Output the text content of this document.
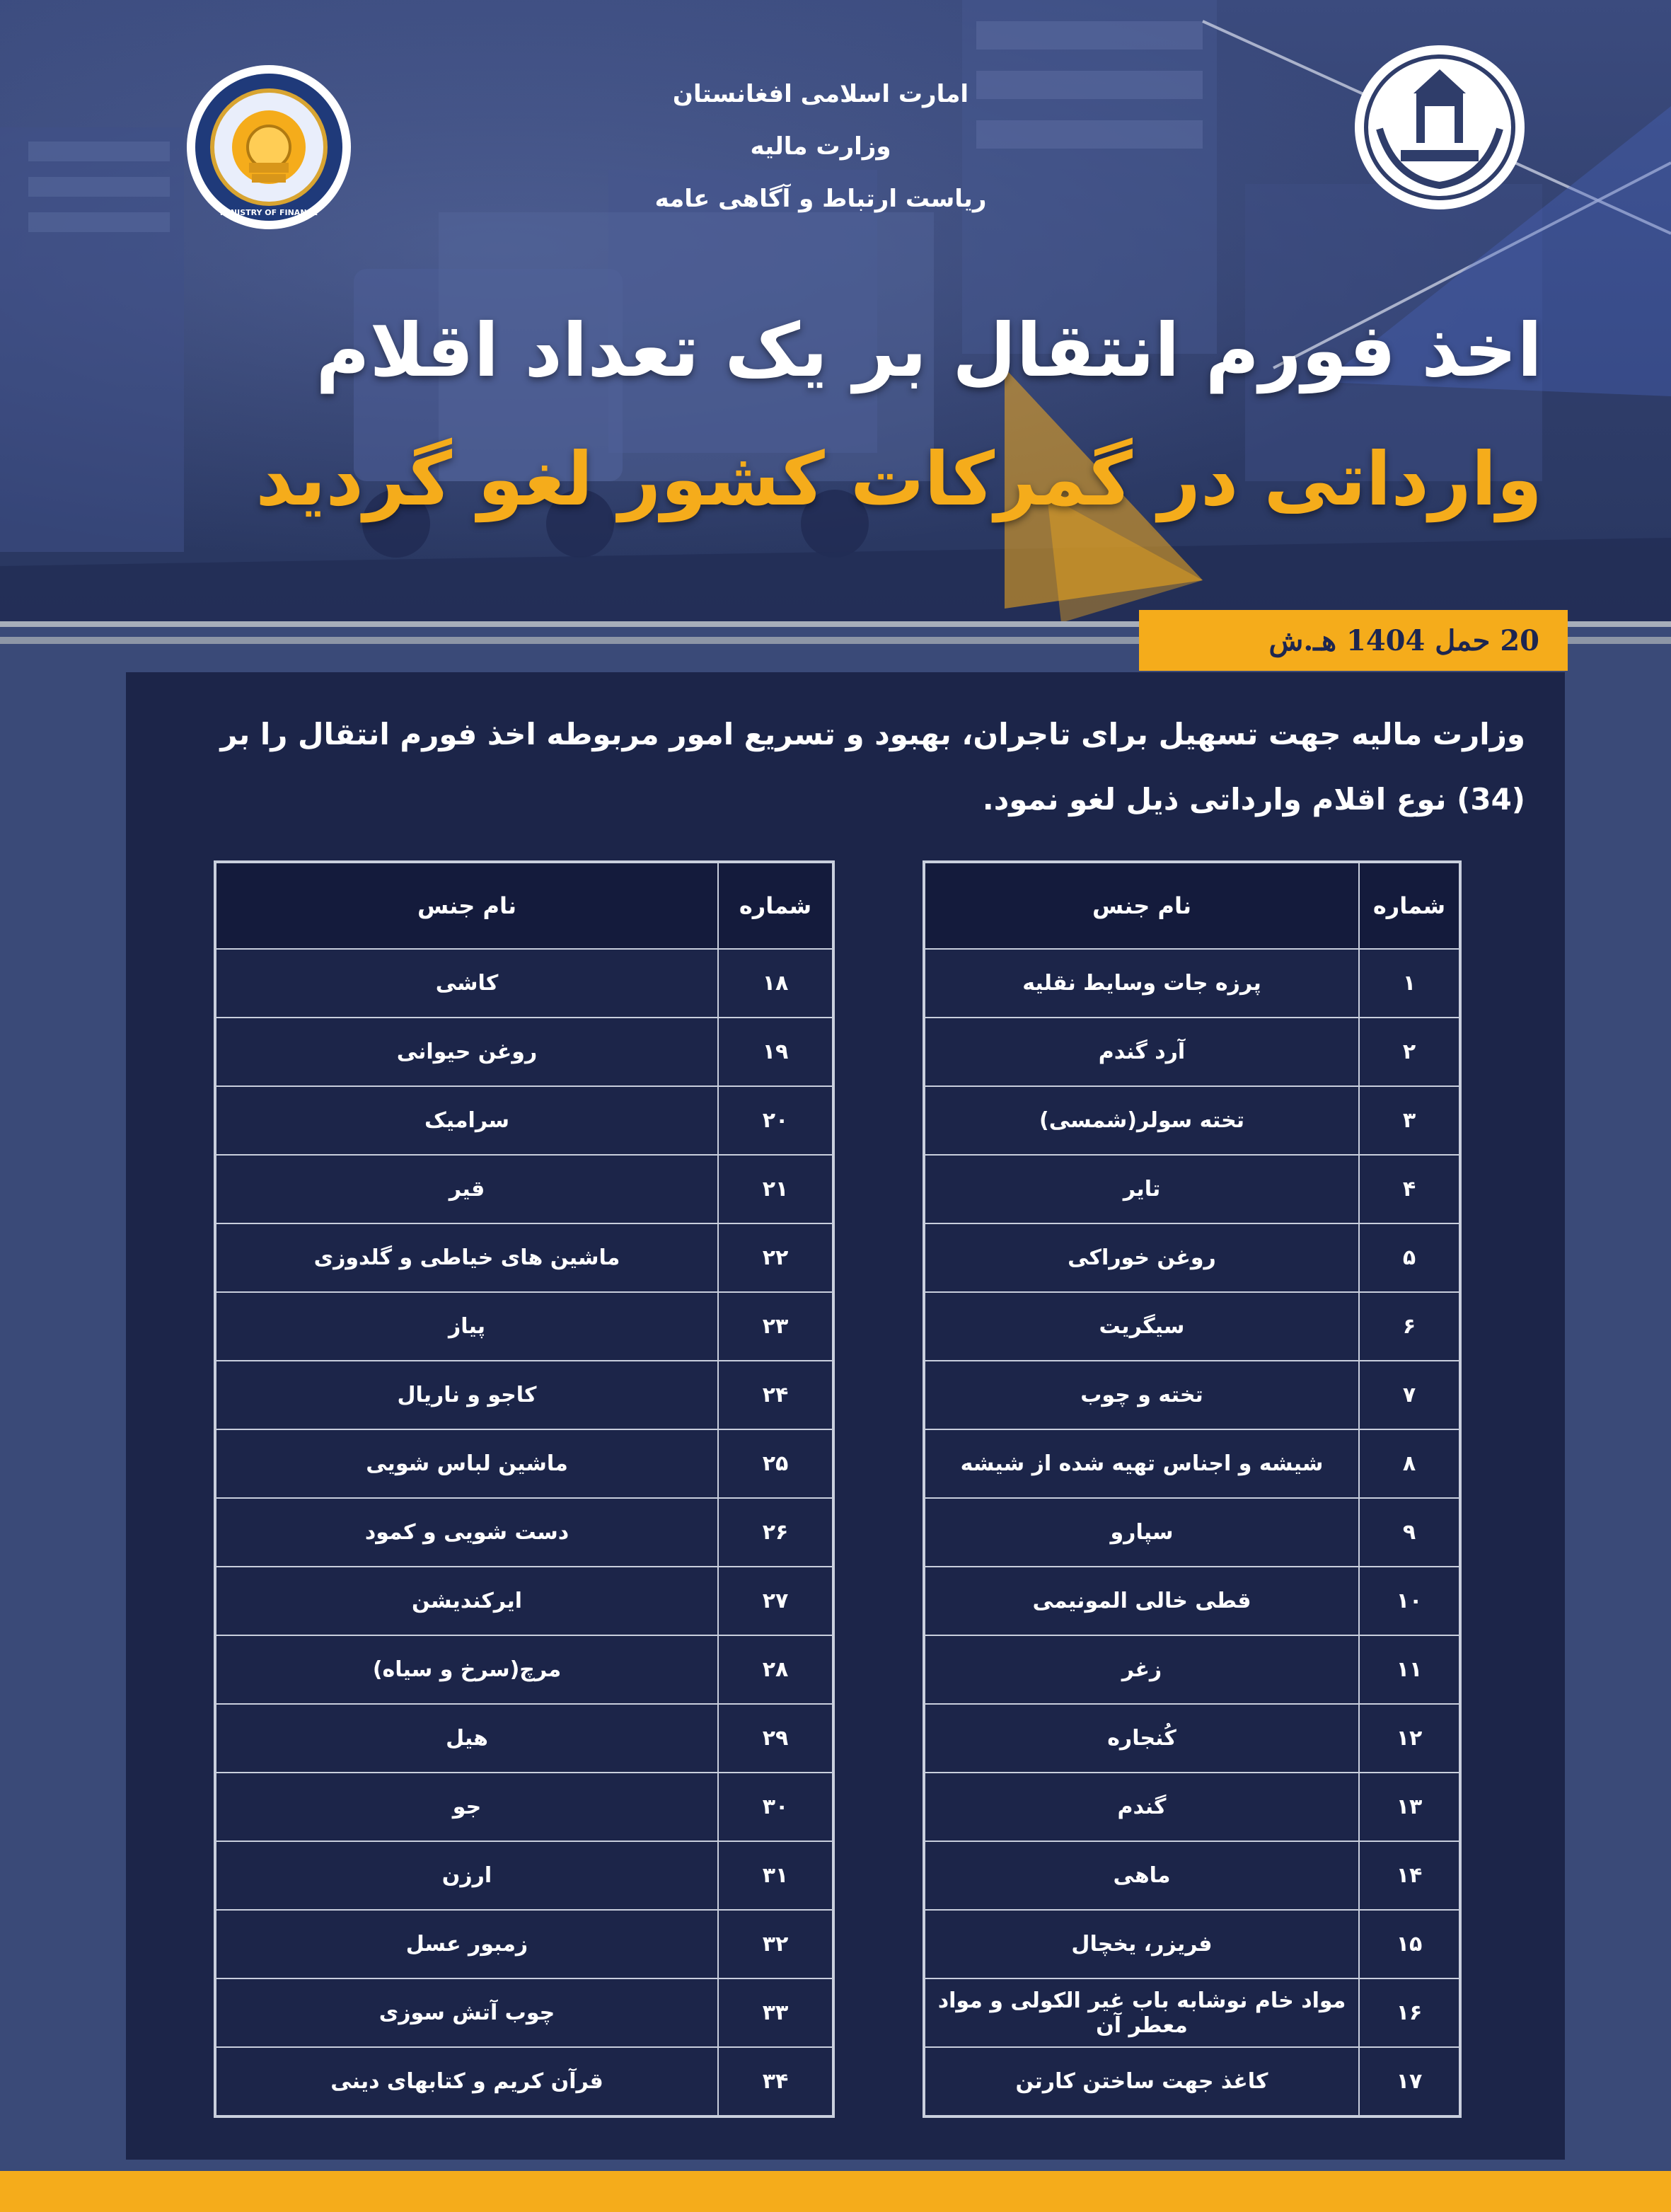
MINISTRY OF FINANCE
امارت اسلامی افغانستان
وزارت مالیه
ریاست ارتباط و آگاهی عامه
اخذ فورم انتقال بر یک تعداد اقلام
وارداتی در گمرکات کشور لغو گردید
20 حمل 1404 هـ.ش
وزارت مالیه جهت تسهیل برای تاجران، بهبود و تسریع امور مربوطه اخذ فورم انتقال را بر (34) نوع اقلام وارداتی ذیل لغو نمود.
شماره	نام جنس
۱	پرزه جات وسایط نقلیه
۲	آرد گندم
۳	تخته سولر(شمسی)
۴	تایر
۵	روغن خوراکی
۶	سیگریت
۷	تخته و چوب
۸	شیشه و اجناس تهیه شده از شیشه
۹	سپارو
۱۰	قطی خالی المونیمی
۱۱	زغر
۱۲	کُنجاره
۱۳	گندم
۱۴	ماهی
۱۵	فریزر، یخچال
۱۶	مواد خام نوشابه باب غیر الکولی و مواد معطر آن
۱۷	کاغذ جهت ساختن کارتن
شماره	نام جنس
۱۸	کاشی
۱۹	روغن حیوانی
۲۰	سرامیک
۲۱	قیر
۲۲	ماشین های خیاطی و گلدوزی
۲۳	پیاز
۲۴	کاجو و ناریال
۲۵	ماشین لباس شویی
۲۶	دست شویی و کمود
۲۷	ایرکندیشن
۲۸	مرچ(سرخ و سیاه)
۲۹	هیل
۳۰	جو
۳۱	ارزن
۳۲	زمبور عسل
۳۳	چوب آتش سوزی
۳۴	قرآن کریم و کتابهای دینی
